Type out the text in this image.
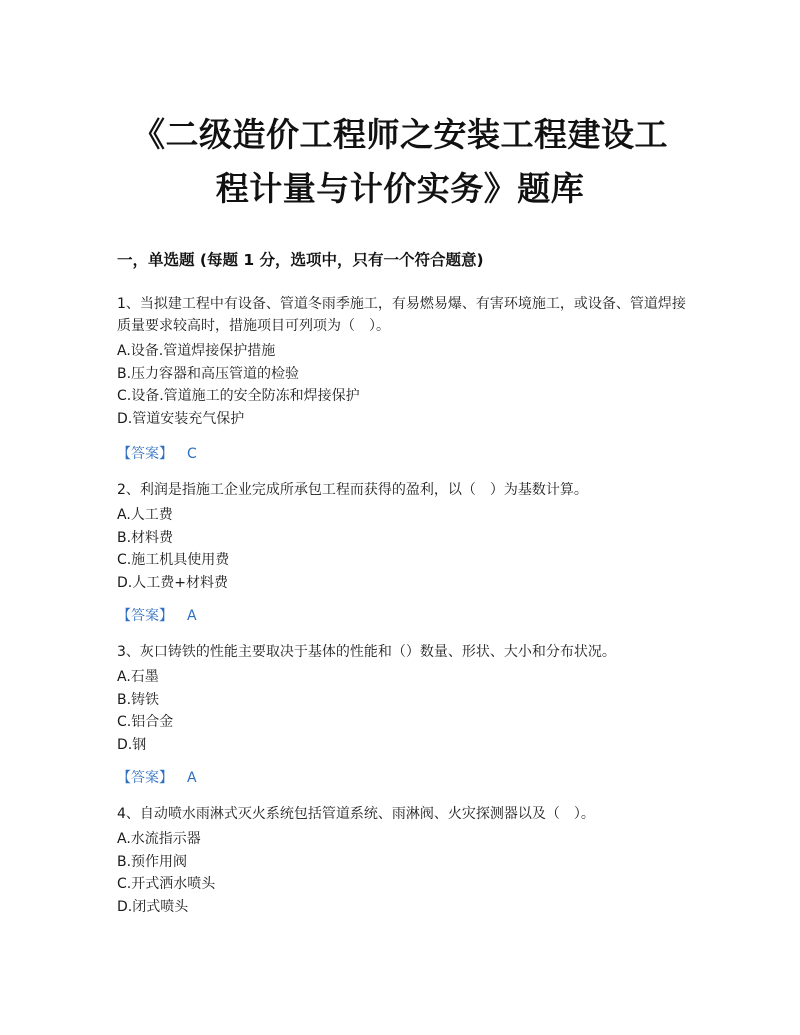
《二级造价工程师之安装工程建设工
程计量与计价实务》题库
一，单选题 (每题 1 分，选项中，只有一个符合题意)

1、当拟建工程中有设备、管道冬雨季施工，有易燃易爆、有害环境施工，或设备、管道焊接质量要求较高时，措施项目可列项为（　）。

A.设备.管道焊接保护措施

B.压力容器和高压管道的检验

C.设备.管道施工的安全防冻和焊接保护

D.管道安装充气保护

【答案】 C

2、利润是指施工企业完成所承包工程而获得的盈利，以（　）为基数计算。

A.人工费

B.材料费

C.施工机具使用费

D.人工费+材料费

【答案】 A

3、灰口铸铁的性能主要取决于基体的性能和（）数量、形状、大小和分布状况。

A.石墨

B.铸铁

C.铝合金

D.钢

【答案】 A

4、自动喷水雨淋式灭火系统包括管道系统、雨淋阀、火灾探测器以及（　）。

A.水流指示器

B.预作用阀

C.开式洒水喷头

D.闭式喷头
